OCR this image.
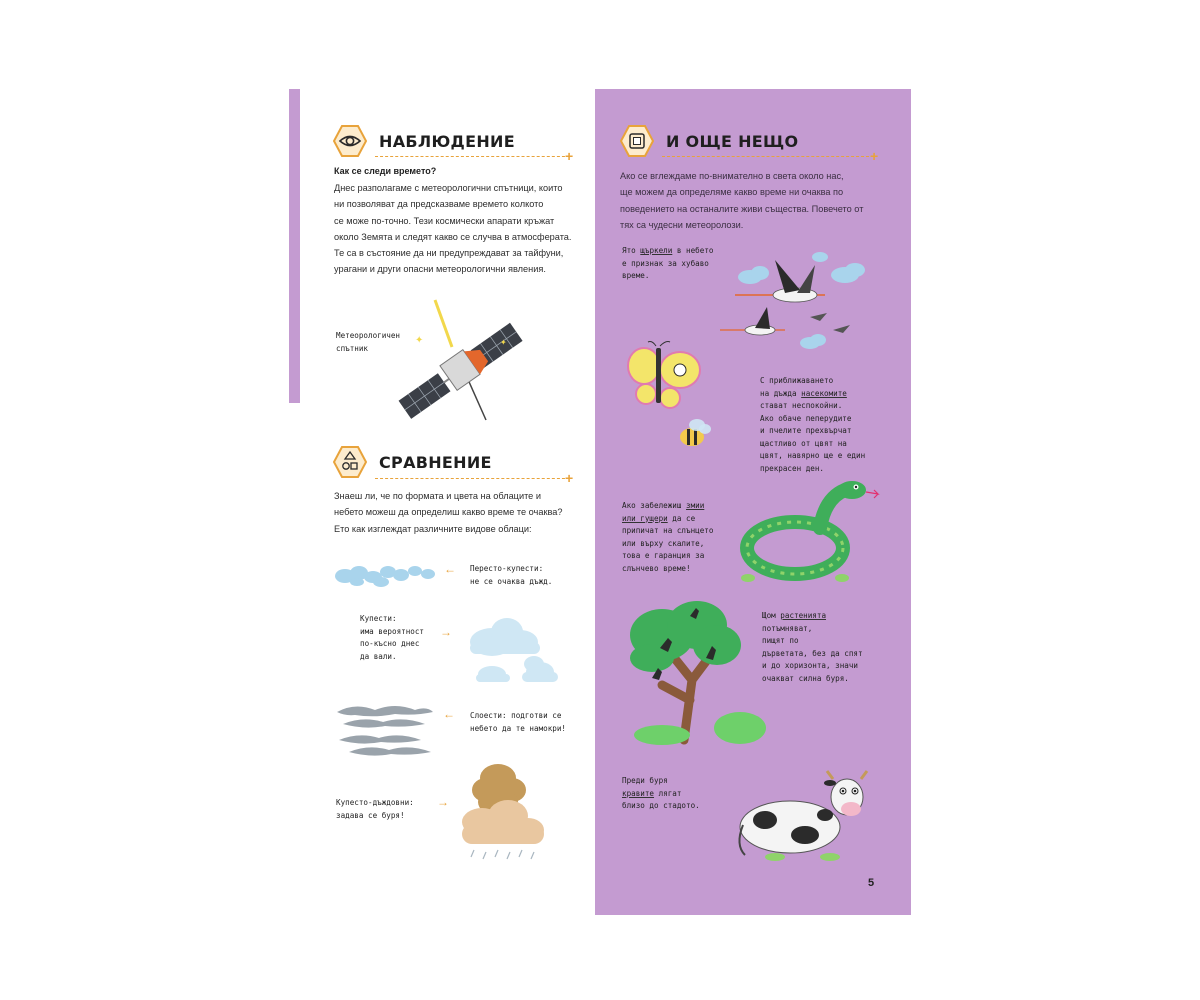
НАБЛЮДЕНИЕ
+
Как се следи времето?
Днес разполагаме с метеорологични спътници, които
ни позволяват да предсказваме времето колкото
се може по-точно. Тези космически апарати кръжат
около Земята и следят какво се случва в атмосферата.
Те са в състояние да ни предупреждават за тайфуни,
урагани и други опасни метеорологични явления.
Метеорологичен
спътник
✦	✦
СРАВНЕНИЕ
+
Знаеш ли, че по формата и цвета на облаците и
небето можеш да определиш какво време те очаква?
Ето как изглеждат различните видове облаци:
← Пересто-купести:
не се очаква дъжд.
Купести:
има вероятност
по-късно днес
да вали.
→
← Слоести: подготви се
небето да те намокри!
Купесто-дъждовни:
задава се буря!
→
И ОЩЕ НЕЩО
+
Ако се вглеждаме по-внимателно в света около нас,
ще можем да определяме какво време ни очаква по
поведението на останалите живи същества. Повечето от
тях са чудесни метеоролози.
Ято щъркели в небето
е признак за хубаво
време.
С приближаването
на дъжда насекомите
стават неспокойни.
Ако обаче пеперудите
и пчелите прехвърчат
щастливо от цвят на
цвят, навярно ще е един
прекрасен ден.
Ако забележиш змии
или гущери да се
припичат на слънцето
или върху скалите,
това е гаранция за
слънчево време!
Щом растенията
потъмняват,
пищят по
дърветата, без да спят
и до хоризонта, значи
очакват силна буря.
Преди буря
кравите лягат
близо до стадото.
5
